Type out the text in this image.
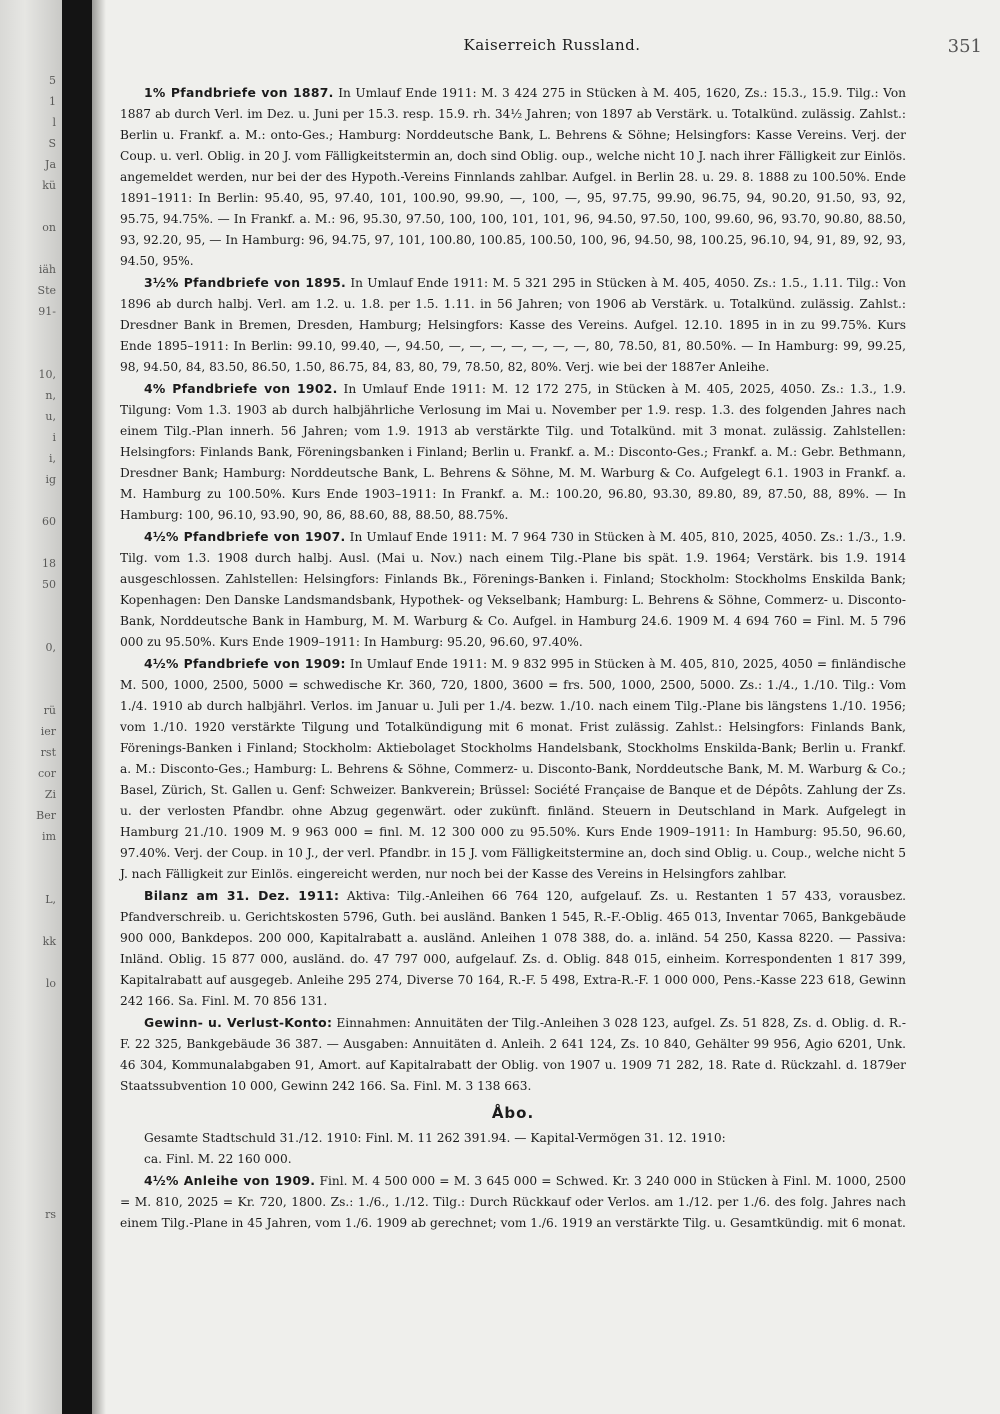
5
1
l
S
Ja
kü

on

iäh
Ste
91-

10,
n,
u,
i
i,
ig

60

18
50

0,

rü
ier
rst
cor
Zi
Ber
im

L,

kk

lo

rs

Kaiserreich Russland.	351

1% Pfandbriefe von 1887. In Umlauf Ende 1911: M. 3 424 275 in Stücken à M. 405, 1620, Zs.: 15.3., 15.9. Tilg.: Von 1887 ab durch Verl. im Dez. u. Juni per 15.3. resp. 15.9. rh. 34½ Jahren; von 1897 ab Verstärk. u. Totalkünd. zulässig. Zahlst.: Berlin u. Frankf. a. M.: onto-Ges.; Hamburg: Norddeutsche Bank, L. Behrens & Söhne; Helsingfors: Kasse Vereins. Verj. der Coup. u. verl. Oblig. in 20 J. vom Fälligkeitstermin an, doch sind Oblig. oup., welche nicht 10 J. nach ihrer Fälligkeit zur Einlös. angemeldet werden, nur bei der des Hypoth.-Vereins Finnlands zahlbar. Aufgel. in Berlin 28. u. 29. 8. 1888 zu 100.50%. Ende 1891–1911: In Berlin: 95.40, 95, 97.40, 101, 100.90, 99.90, —, 100, —, 95, 97.75, 99.90, 96.75, 94, 90.20, 91.50, 93, 92, 95.75, 94.75%. — In Frankf. a. M.: 96, 95.30, 97.50, 100, 100, 101, 101, 96, 94.50, 97.50, 100, 99.60, 96, 93.70, 90.80, 88.50, 93, 92.20, 95, — In Hamburg: 96, 94.75, 97, 101, 100.80, 100.85, 100.50, 100, 96, 94.50, 98, 100.25, 96.10, 94, 91, 89, 92, 93, 94.50, 95%.

3½% Pfandbriefe von 1895. In Umlauf Ende 1911: M. 5 321 295 in Stücken à M. 405, 4050. Zs.: 1.5., 1.11. Tilg.: Von 1896 ab durch halbj. Verl. am 1.2. u. 1.8. per 1.5. 1.11. in 56 Jahren; von 1906 ab Verstärk. u. Totalkünd. zulässig. Zahlst.: Dresdner Bank in Bremen, Dresden, Hamburg; Helsingfors: Kasse des Vereins. Aufgel. 12.10. 1895 in in zu 99.75%. Kurs Ende 1895–1911: In Berlin: 99.10, 99.40, —, 94.50, —, —, —, —, —, —, —, 80, 78.50, 81, 80.50%. — In Hamburg: 99, 99.25, 98, 94.50, 84, 83.50, 86.50, 1.50, 86.75, 84, 83, 80, 79, 78.50, 82, 80%. Verj. wie bei der 1887er Anleihe.

4% Pfandbriefe von 1902. In Umlauf Ende 1911: M. 12 172 275, in Stücken à M. 405, 2025, 4050. Zs.: 1.3., 1.9. Tilgung: Vom 1.3. 1903 ab durch halbjährliche Verlosung im Mai u. November per 1.9. resp. 1.3. des folgenden Jahres nach einem Tilg.-Plan innerh. 56 Jahren; vom 1.9. 1913 ab verstärkte Tilg. und Totalkünd. mit 3 monat. zulässig. Zahlstellen: Helsingfors: Finlands Bank, Föreningsbanken i Finland; Berlin u. Frankf. a. M.: Disconto-Ges.; Frankf. a. M.: Gebr. Bethmann, Dresdner Bank; Hamburg: Norddeutsche Bank, L. Behrens & Söhne, M. M. Warburg & Co. Aufgelegt 6.1. 1903 in Frankf. a. M. Hamburg zu 100.50%. Kurs Ende 1903–1911: In Frankf. a. M.: 100.20, 96.80, 93.30, 89.80, 89, 87.50, 88, 89%. — In Hamburg: 100, 96.10, 93.90, 90, 86, 88.60, 88, 88.50, 88.75%.

4½% Pfandbriefe von 1907. In Umlauf Ende 1911: M. 7 964 730 in Stücken à M. 405, 810, 2025, 4050. Zs.: 1./3., 1.9. Tilg. vom 1.3. 1908 durch halbj. Ausl. (Mai u. Nov.) nach einem Tilg.-Plane bis spät. 1.9. 1964; Verstärk. bis 1.9. 1914 ausgeschlossen. Zahlstellen: Helsingfors: Finlands Bk., Förenings-Banken i. Finland; Stockholm: Stockholms Enskilda Bank; Kopenhagen: Den Danske Landsmandsbank, Hypothek- og Vekselbank; Hamburg: L. Behrens & Söhne, Commerz- u. Disconto-Bank, Norddeutsche Bank in Hamburg, M. M. Warburg & Co. Aufgel. in Hamburg 24.6. 1909 M. 4 694 760 = Finl. M. 5 796 000 zu 95.50%. Kurs Ende 1909–1911: In Hamburg: 95.20, 96.60, 97.40%.

4½% Pfandbriefe von 1909: In Umlauf Ende 1911: M. 9 832 995 in Stücken à M. 405, 810, 2025, 4050 = finländische M. 500, 1000, 2500, 5000 = schwedische Kr. 360, 720, 1800, 3600 = frs. 500, 1000, 2500, 5000. Zs.: 1./4., 1./10. Tilg.: Vom 1./4. 1910 ab durch halbjährl. Verlos. im Januar u. Juli per 1./4. bezw. 1./10. nach einem Tilg.-Plane bis längstens 1./10. 1956; vom 1./10. 1920 verstärkte Tilgung und Totalkündigung mit 6 monat. Frist zulässig. Zahlst.: Helsingfors: Finlands Bank, Förenings-Banken i Finland; Stockholm: Aktiebolaget Stockholms Handelsbank, Stockholms Enskilda-Bank; Berlin u. Frankf. a. M.: Disconto-Ges.; Hamburg: L. Behrens & Söhne, Commerz- u. Disconto-Bank, Norddeutsche Bank, M. M. Warburg & Co.; Basel, Zürich, St. Gallen u. Genf: Schweizer. Bankverein; Brüssel: Société Française de Banque et de Dépôts. Zahlung der Zs. u. der verlosten Pfandbr. ohne Abzug gegenwärt. oder zukünft. finländ. Steuern in Deutschland in Mark. Aufgelegt in Hamburg 21./10. 1909 M. 9 963 000 = finl. M. 12 300 000 zu 95.50%. Kurs Ende 1909–1911: In Hamburg: 95.50, 96.60, 97.40%. Verj. der Coup. in 10 J., der verl. Pfandbr. in 15 J. vom Fälligkeitstermine an, doch sind Oblig. u. Coup., welche nicht 5 J. nach Fälligkeit zur Einlös. eingereicht werden, nur noch bei der Kasse des Vereins in Helsingfors zahlbar.

Bilanz am 31. Dez. 1911: Aktiva: Tilg.-Anleihen 66 764 120, aufgelauf. Zs. u. Restanten 1 57 433, vorausbez. Pfandverschreib. u. Gerichtskosten 5796, Guth. bei ausländ. Banken 1 545, R.-F.-Oblig. 465 013, Inventar 7065, Bankgebäude 900 000, Bankdepos. 200 000, Kapitalrabatt a. ausländ. Anleihen 1 078 388, do. a. inländ. 54 250, Kassa 8220. — Passiva: Inländ. Oblig. 15 877 000, ausländ. do. 47 797 000, aufgelauf. Zs. d. Oblig. 848 015, einheim. Korrespondenten 1 817 399, Kapitalrabatt auf ausgegeb. Anleihe 295 274, Diverse 70 164, R.-F. 5 498, Extra-R.-F. 1 000 000, Pens.-Kasse 223 618, Gewinn 242 166. Sa. Finl. M. 70 856 131.

Gewinn- u. Verlust-Konto: Einnahmen: Annuitäten der Tilg.-Anleihen 3 028 123, aufgel. Zs. 51 828, Zs. d. Oblig. d. R.-F. 22 325, Bankgebäude 36 387. — Ausgaben: Annuitäten d. Anleih. 2 641 124, Zs. 10 840, Gehälter 99 956, Agio 6201, Unk. 46 304, Kommunalabgaben 91, Amort. auf Kapitalrabatt der Oblig. von 1907 u. 1909 71 282, 18. Rate d. Rückzahl. d. 1879er Staatssubvention 10 000, Gewinn 242 166. Sa. Finl. M. 3 138 663.

Åbo.

Gesamte Stadtschuld 31./12. 1910: Finl. M. 11 262 391.94. — Kapital-Vermögen 31. 12. 1910:

ca. Finl. M. 22 160 000.

4½% Anleihe von 1909. Finl. M. 4 500 000 = M. 3 645 000 = Schwed. Kr. 3 240 000 in Stücken à Finl. M. 1000, 2500 = M. 810, 2025 = Kr. 720, 1800. Zs.: 1./6., 1./12. Tilg.: Durch Rückkauf oder Verlos. am 1./12. per 1./6. des folg. Jahres nach einem Tilg.-Plane in 45 Jahren, vom 1./6. 1909 ab gerechnet; vom 1./6. 1919 an verstärkte Tilg. u. Gesamtkündig. mit 6 monat.
